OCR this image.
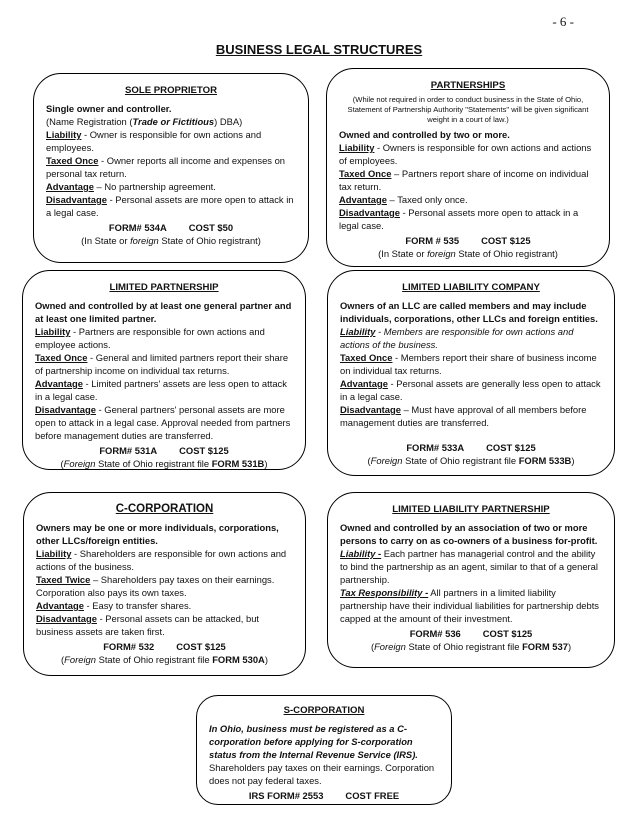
- 6 -
BUSINESS LEGAL STRUCTURES
SOLE PROPRIETOR

Single owner and controller.

(Name Registration (Trade or Fictitious) DBA)

Liability - Owner is responsible for own actions and employees.

Taxed Once - Owner reports all income and expenses on personal tax return.

Advantage – No partnership agreement.

Disadvantage - Personal assets are more open to attack in a legal case.

FORM# 534A COST $50
(In State or foreign State of Ohio registrant)
PARTNERSHIPS
(While not required in order to conduct business in the State of Ohio, Statement of Partnership Authority "Statements" will be given significant weight in a court of law.)

Owned and controlled by two or more.

Liability - Owners is responsible for own actions and actions of employees.

Taxed Once – Partners report share of income on individual tax return.

Advantage – Taxed only once.

Disadvantage - Personal assets more open to attack in a legal case.

FORM # 535 COST $125
(In State or foreign State of Ohio registrant)
LIMITED PARTNERSHIP

Owned and controlled by at least one general partner and at least one limited partner.

Liability - Partners are responsible for own actions and employee actions.

Taxed Once - General and limited partners report their share of partnership income on individual tax returns.

Advantage - Limited partners' assets are less open to attack in a legal case.

Disadvantage - General partners' personal assets are more open to attack in a legal case. Approval needed from partners before management duties are transferred.

FORM# 531A COST $125
(Foreign State of Ohio registrant file FORM 531B)
LIMITED LIABILITY COMPANY

Owners of an LLC are called members and may include individuals, corporations, other LLCs and foreign entities.

Liability - Members are responsible for own actions and actions of the business.

Taxed Once - Members report their share of business income on individual tax returns.

Advantage - Personal assets are generally less open to attack in a legal case.

Disadvantage – Must have approval of all members before management duties are transferred.

FORM# 533A COST $125
(Foreign State of Ohio registrant file FORM 533B)
C-CORPORATION

Owners may be one or more individuals, corporations, other LLCs/foreign entities.

Liability - Shareholders are responsible for own actions and actions of the business.

Taxed Twice – Shareholders pay taxes on their earnings. Corporation also pays its own taxes.

Advantage - Easy to transfer shares.

Disadvantage - Personal assets can be attacked, but business assets are taken first.

FORM# 532 COST $125
(Foreign State of Ohio registrant file FORM 530A)
LIMITED LIABILITY PARTNERSHIP

Owned and controlled by an association of two or more persons to carry on as co-owners of a business for-profit.

Liability - Each partner has managerial control and the ability to bind the partnership as an agent, similar to that of a general partnership.

Tax Responsibility - All partners in a limited liability partnership have their individual liabilities for partnership debts capped at the amount of their investment.

FORM# 536 COST $125
(Foreign State of Ohio registrant file FORM 537)
S-CORPORATION

In Ohio, business must be registered as a C-corporation before applying for S-corporation status from the Internal Revenue Service (IRS). Shareholders pay taxes on their earnings. Corporation does not pay federal taxes.

IRS FORM# 2553 COST FREE
